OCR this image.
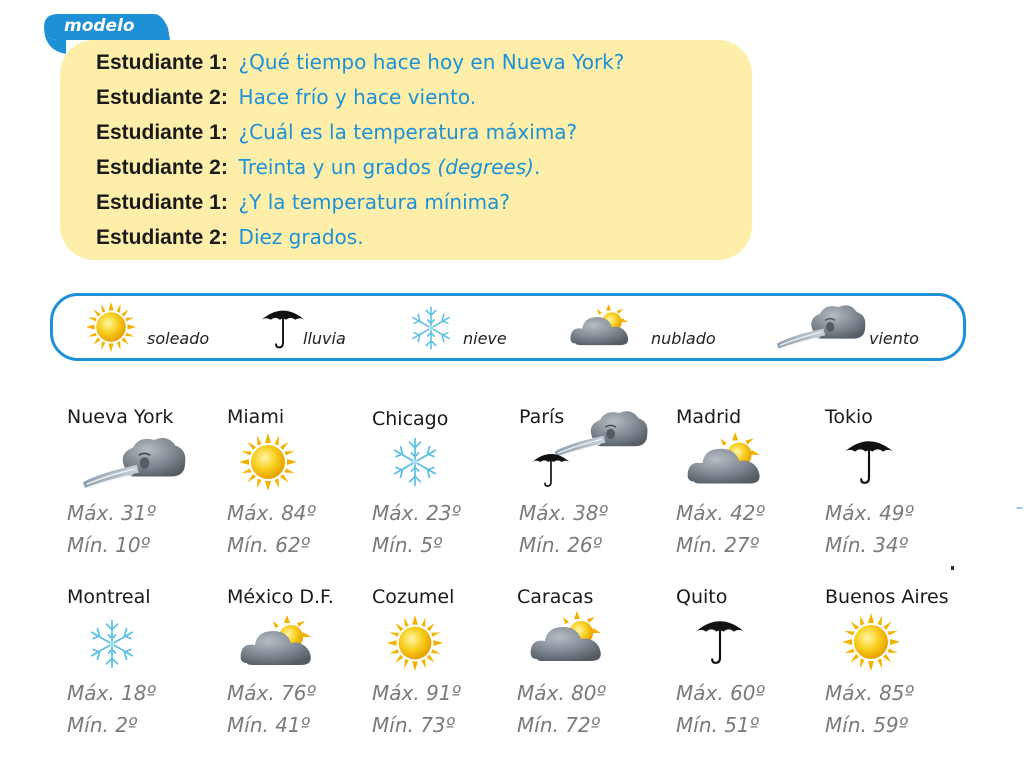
modelo
Estudiante 1: ¿Qué tiempo hace hoy en Nueva York?
Estudiante 2: Hace frío y hace viento.
Estudiante 1: ¿Cuál es la temperatura máxima?
Estudiante 2: Treinta y un grados (degrees).
Estudiante 1: ¿Y la temperatura mínima?
Estudiante 2: Diez grados.
soleado	lluvia	nieve	nublado	viento
Nueva York
Máx. 31º
Mín. 10º
Miami
Máx. 84º
Mín. 62º
Chicago
Máx. 23º
Mín. 5º
París
Máx. 38º
Mín. 26º
Madrid
Máx. 42º
Mín. 27º
Tokio
Máx. 49º
Mín. 34º
Montreal
Máx. 18º
Mín. 2º
México D.F.
Máx. 76º
Mín. 41º
Cozumel
Máx. 91º
Mín. 73º
Caracas
Máx. 80º
Mín. 72º
Quito
Máx. 60º
Mín. 51º
Buenos Aires
Máx. 85º
Mín. 59º
–
